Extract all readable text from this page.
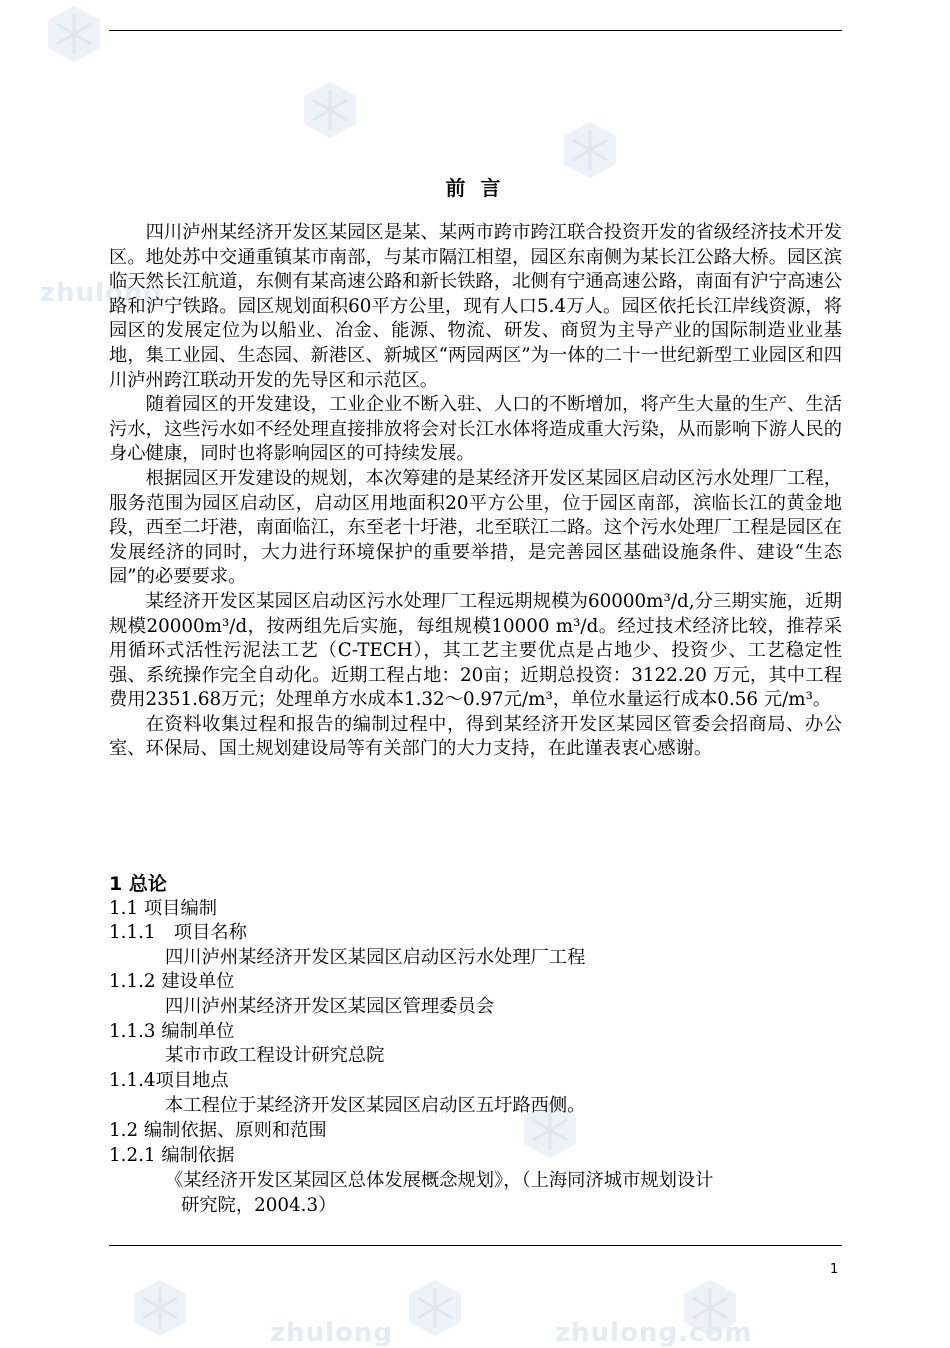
zhulong
zhulong	zhulong.com
前 言

四川泸州某经济开发区某园区是某、某两市跨市跨江联合投资开发的省级经济技术开发区。地处苏中交通重镇某市南部，与某市隔江相望，园区东南侧为某长江公路大桥。园区滨临天然长江航道，东侧有某高速公路和新长铁路，北侧有宁通高速公路，南面有沪宁高速公路和沪宁铁路。园区规划面积60平方公里，现有人口5.4万人。园区依托长江岸线资源，将园区的发展定位为以船业、冶金、能源、物流、研发、商贸为主导产业的国际制造业业基地，集工业园、生态园、新港区、新城区“两园两区”为一体的二十一世纪新型工业园区和四川泸州跨江联动开发的先导区和示范区。

随着园区的开发建设，工业企业不断入驻、人口的不断增加，将产生大量的生产、生活污水，这些污水如不经处理直接排放将会对长江水体将造成重大污染，从而影响下游人民的身心健康，同时也将影响园区的可持续发展。

根据园区开发建设的规划，本次筹建的是某经济开发区某园区启动区污水处理厂工程，服务范围为园区启动区，启动区用地面积20平方公里，位于园区南部，滨临长江的黄金地段，西至二圩港，南面临江，东至老十圩港，北至联江二路。这个污水处理厂工程是园区在发展经济的同时，大力进行环境保护的重要举措，是完善园区基础设施条件、建设“生态园”的必要要求。

某经济开发区某园区启动区污水处理厂工程远期规模为60000m³/d,分三期实施，近期规模20000m³/d，按两组先后实施，每组规模10000 m³/d。经过技术经济比较，推荐采用循环式活性污泥法工艺（C-TECH），其工艺主要优点是占地少、投资少、工艺稳定性强、系统操作完全自动化。近期工程占地：20亩；近期总投资：3122.20 万元，其中工程费用2351.68万元；处理单方水成本1.32～0.97元/m³，单位水量运行成本0.56 元/m³。

在资料收集过程和报告的编制过程中，得到某经济开发区某园区管委会招商局、办公室、环保局、国土规划建设局等有关部门的大力支持，在此谨表衷心感谢。

1 总论
1.1 项目编制
1.1.1　项目名称
四川泸州某经济开发区某园区启动区污水处理厂工程
1.1.2 建设单位
四川泸州某经济开发区某园区管理委员会
1.1.3 编制单位
某市市政工程设计研究总院
1.1.4项目地点
本工程位于某经济开发区某园区启动区五圩路西侧。
1.2 编制依据、原则和范围
1.2.1 编制依据
《某经济开发区某园区总体发展概念规划》，（上海同济城市规划设计
研究院，2004.3）
1
